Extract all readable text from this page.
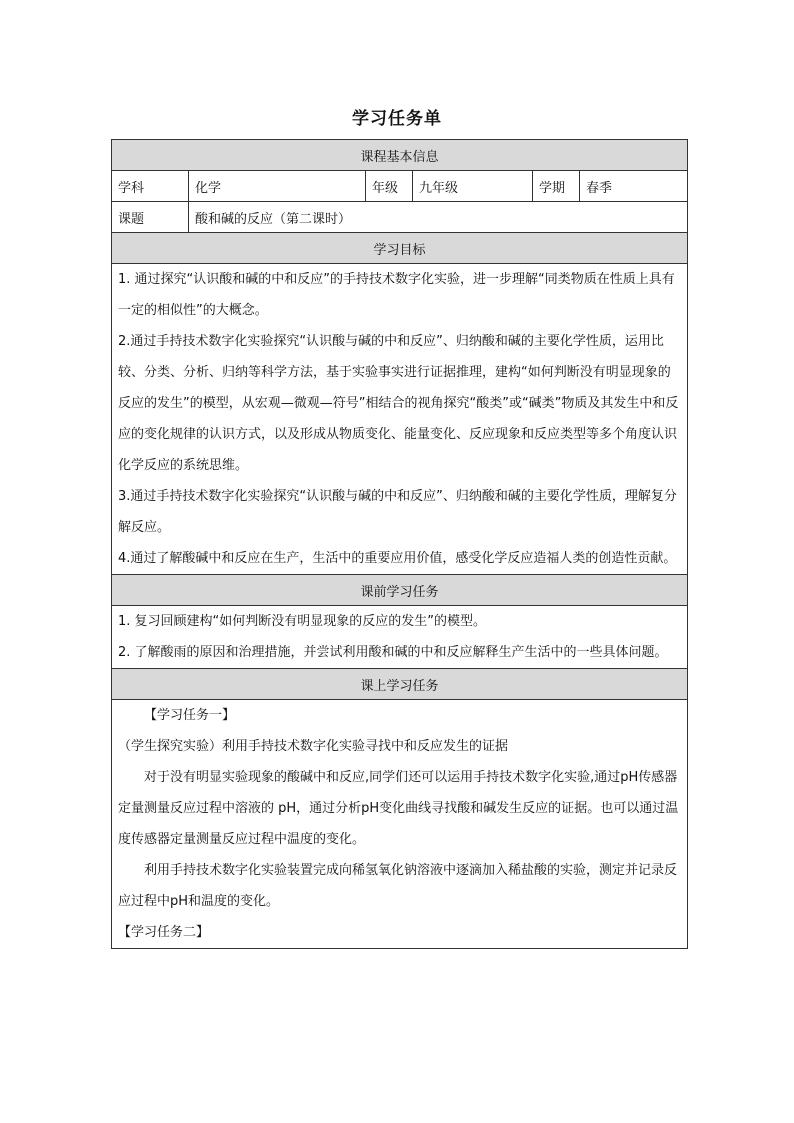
学习任务单
课程基本信息					
学科	化学	年级	九年级	学期	春季
课题	酸和碱的反应（第二课时）				
学习目标					

1. 通过探究“认识酸和碱的中和反应”的手持技术数字化实验，进一步理解“同类物质在性质上具有一定的相似性”的大概念。

2.通过手持技术数字化实验探究“认识酸与碱的中和反应”、归纳酸和碱的主要化学性质，运用比较、分类、分析、归纳等科学方法，基于实验事实进行证据推理，建构“如何判断没有明显现象的反应的发生”的模型，从宏观—微观—符号”相结合的视角探究“酸类”或“碱类”物质及其发生中和反应的变化规律的认识方式，以及形成从物质变化、能量变化、反应现象和反应类型等多个角度认识化学反应的系统思维。

3.通过手持技术数字化实验探究“认识酸与碱的中和反应”、归纳酸和碱的主要化学性质，理解复分解反应。

4.通过了解酸碱中和反应在生产，生活中的重要应用价值，感受化学反应造福人类的创造性贡献。					

课前学习任务					

1. 复习回顾建构“如何判断没有明显现象的反应的发生”的模型。

2. 了解酸雨的原因和治理措施，并尝试利用酸和碱的中和反应解释生产生活中的一些具体问题。					

课上学习任务					

【学习任务一】

（学生探究实验）利用手持技术数字化实验寻找中和反应发生的证据

对于没有明显实验现象的酸碱中和反应,同学们还可以运用手持技术数字化实验,通过pH传感器定量测量反应过程中溶液的 pH，通过分析pH变化曲线寻找酸和碱发生反应的证据。也可以通过温度传感器定量测量反应过程中温度的变化。

利用手持技术数字化实验装置完成向稀氢氧化钠溶液中逐滴加入稀盐酸的实验，测定并记录反应过程中pH和温度的变化。

【学习任务二】					
